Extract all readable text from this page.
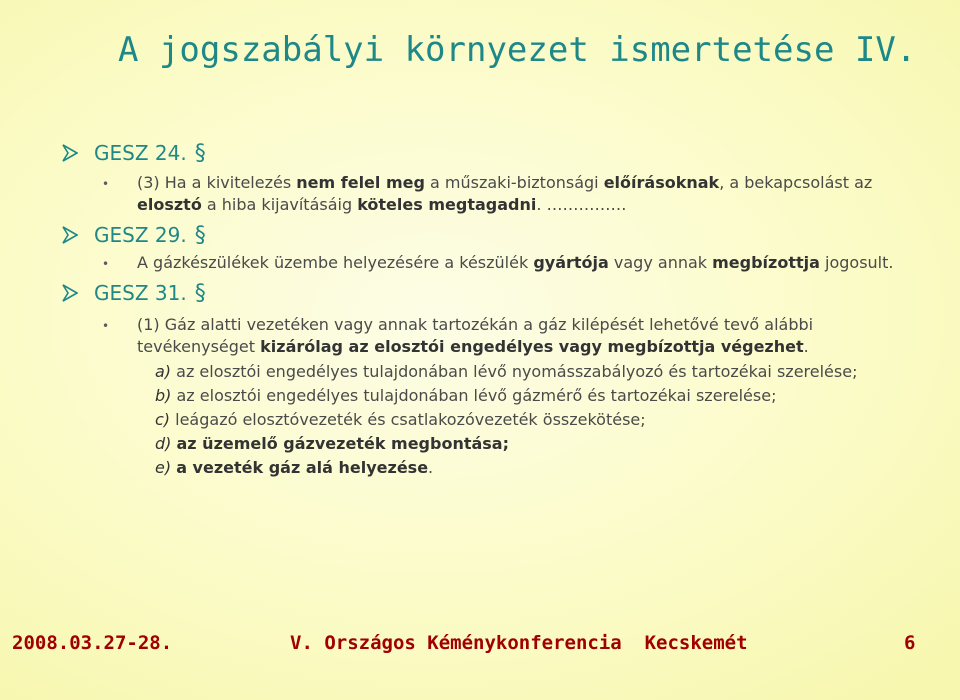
A jogszabályi környezet ismertetése IV.
GESZ 24. §
•	(3) Ha a kivitelezés nem felel meg a műszaki-biztonsági előírásoknak, a bekapcsolást az elosztó a hiba kijavításáig köteles megtagadni. ……………
GESZ 29. §
•	A gázkészülékek üzembe helyezésére a készülék gyártója vagy annak megbízottja jogosult.
GESZ 31. §
•	(1) Gáz alatti vezetéken vagy annak tartozékán a gáz kilépését lehetővé tevő alábbi tevékenységet kizárólag az elosztói engedélyes vagy megbízottja végezhet.
a) az elosztói engedélyes tulajdonában lévő nyomásszabályozó és tartozékai szerelése;
b) az elosztói engedélyes tulajdonában lévő gázmérő és tartozékai szerelése;
c) leágazó elosztóvezeték és csatlakozóvezeték összekötése;
d) az üzemelő gázvezeték megbontása;
e) a vezeték gáz alá helyezése.
2008.03.27-28.	V. Országos Kéménykonferencia  Kecskemét	6
